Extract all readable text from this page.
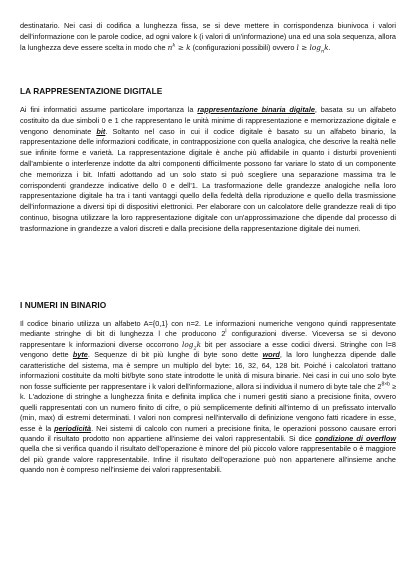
destinatario. Nei casi di codifica a lunghezza fissa, se si deve mettere in corrispondenza biunivoca i valori dell'informazione con le parole codice, ad ogni valore k (i valori di un'informazione) una ed una sola sequenza, allora la lunghezza deve essere scelta in modo che $n^k \ge k$ (configurazioni possibili) ovvero $l \ge \log_nk$.

LA RAPPRESENTAZIONE DIGITALE

Ai fini informatici assume particolare importanza la rappresentazione binaria digitale, basata su un alfabeto costituito da due simboli 0 e 1 che rappresentano le unità minime di rappresentazione e memorizzazione digitale e vengono denominate bit. Soltanto nel caso in cui il codice digitale è basato su un alfabeto binario, la rappresentazione delle informazioni codificate, in contrapposizione con quella analogica, che descrive la realtà nelle sue infinite forme e varietà. La rappresentazione digitale è anche più affidabile in quanto i disturbi provenienti dall'ambiente o interferenze indotte da altri componenti difficilmente possono far variare lo stato di un componente che memorizza i bit. Infatti adottando ad un solo stato si può scegliere una separazione massima tra le corrispondenti grandezze indicative dello 0 e dell'1. La trasformazione delle grandezze analogiche nella loro rappresentazione digitale ha tra i tanti vantaggi quello della fedeltà della riproduzione e quello della trasmissione dell'informazione a diversi tipi di dispositivi elettronici. Per elaborare con un calcolatore delle grandezze reali di tipo continuo, bisogna utilizzare la loro rappresentazione digitale con un'approssimazione che dipende dal processo di trasformazione in grandezze a valori discreti e dalla precisione della rappresentazione digitale dei numeri.

I NUMERI IN BINARIO

Il codice binario utilizza un alfabeto A={0,1} con n=2. Le informazioni numeriche vengono quindi rappresentate mediante stringhe di bit di lunghezza l che producono 2$^l$ configurazioni diverse. Viceversa se si devono rappresentare k informazioni diverse occorrono $\log_2k$ bit per associare a esse codici diversi. Stringhe con l=8 vengono dette byte. Sequenze di bit più lunghe di byte sono dette word, la loro lunghezza dipende dalle caratteristiche del sistema, ma è sempre un multiplo del byte: 16, 32, 64, 128 bit. Poiché i calcolatori trattano informazioni costituite da molti bit/byte sono state introdotte le unità di misura binarie. Nei casi in cui uno solo byte non fosse sufficiente per rappresentare i k valori dell'informazione, allora si individua il numero di byte tale che $2^{8\times b} \ge k$. L'adozione di stringhe a lunghezza finita e definita implica che i numeri gestiti siano a precisione finita, ovvero quelli rappresentati con un numero finito di cifre, o più semplicemente definiti all'interno di un prefissato intervallo (min, max) di estremi determinati. I valori non compresi nell'intervallo di definizione vengono fatti ricadere in esse, esse è la periodicità. Nei sistemi di calcolo con numeri a precisione finita, le operazioni possono causare errori quando il risultato prodotto non appartiene all'insieme dei valori rappresentabili. Si dice condizione di overflow quella che si verifica quando il risultato dell'operazione è minore del più piccolo valore rappresentabile o è maggiore del più grande valore rappresentabile. Infine il risultato dell'operazione può non appartenere all'insieme anche quando non è compreso nell'insieme dei valori rappresentabili.
